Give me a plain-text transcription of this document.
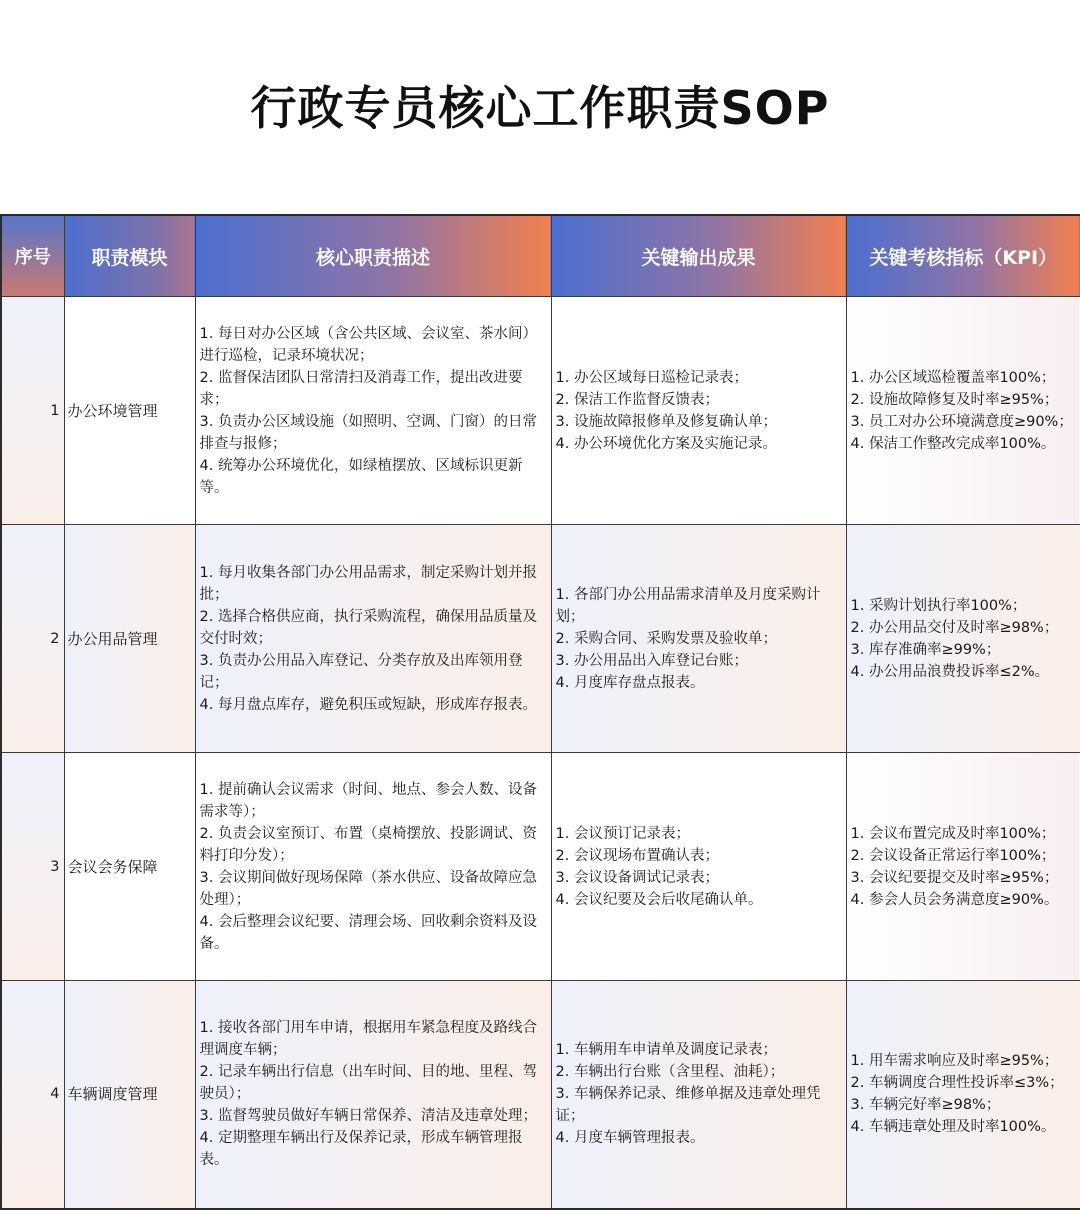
行政专员核心工作职责SOP
序号	职责模块	核心职责描述	关键输出成果	关键考核指标（KPI）
1	办公环境管理	1. 每日对办公区域（含公共区域、会议室、茶水间）进行巡检，记录环境状况；
2. 监督保洁团队日常清扫及消毒工作，提出改进要求；
3. 负责办公区域设施（如照明、空调、门窗）的日常排查与报修；
4. 统筹办公环境优化，如绿植摆放、区域标识更新等。	1. 办公区域每日巡检记录表；
2. 保洁工作监督反馈表；
3. 设施故障报修单及修复确认单；
4. 办公环境优化方案及实施记录。	1. 办公区域巡检覆盖率100%；
2. 设施故障修复及时率≥95%；
3. 员工对办公环境满意度≥90%；
4. 保洁工作整改完成率100%。

2	办公用品管理	1. 每月收集各部门办公用品需求，制定采购计划并报批；
2. 选择合格供应商，执行采购流程，确保用品质量及交付时效；
3. 负责办公用品入库登记、分类存放及出库领用登记；
4. 每月盘点库存，避免积压或短缺，形成库存报表。	1. 各部门办公用品需求清单及月度采购计划；
2. 采购合同、采购发票及验收单；
3. 办公用品出入库登记台账；
4. 月度库存盘点报表。	1. 采购计划执行率100%；
2. 办公用品交付及时率≥98%；
3. 库存准确率≥99%；
4. 办公用品浪费投诉率≤2%。

3	会议会务保障	1. 提前确认会议需求（时间、地点、参会人数、设备需求等）；
2. 负责会议室预订、布置（桌椅摆放、投影调试、资料打印分发）；
3. 会议期间做好现场保障（茶水供应、设备故障应急处理）；
4. 会后整理会议纪要、清理会场、回收剩余资料及设备。	1. 会议预订记录表；
2. 会议现场布置确认表；
3. 会议设备调试记录表；
4. 会议纪要及会后收尾确认单。	1. 会议布置完成及时率100%；
2. 会议设备正常运行率100%；
3. 会议纪要提交及时率≥95%；
4. 参会人员会务满意度≥90%。

4	车辆调度管理	1. 接收各部门用车申请，根据用车紧急程度及路线合理调度车辆；
2. 记录车辆出行信息（出车时间、目的地、里程、驾驶员）；
3. 监督驾驶员做好车辆日常保养、清洁及违章处理；
4. 定期整理车辆出行及保养记录，形成车辆管理报表。	1. 车辆用车申请单及调度记录表；
2. 车辆出行台账（含里程、油耗）；
3. 车辆保养记录、维修单据及违章处理凭证；
4. 月度车辆管理报表。	1. 用车需求响应及时率≥95%；
2. 车辆调度合理性投诉率≤3%；
3. 车辆完好率≥98%；
4. 车辆违章处理及时率100%。
